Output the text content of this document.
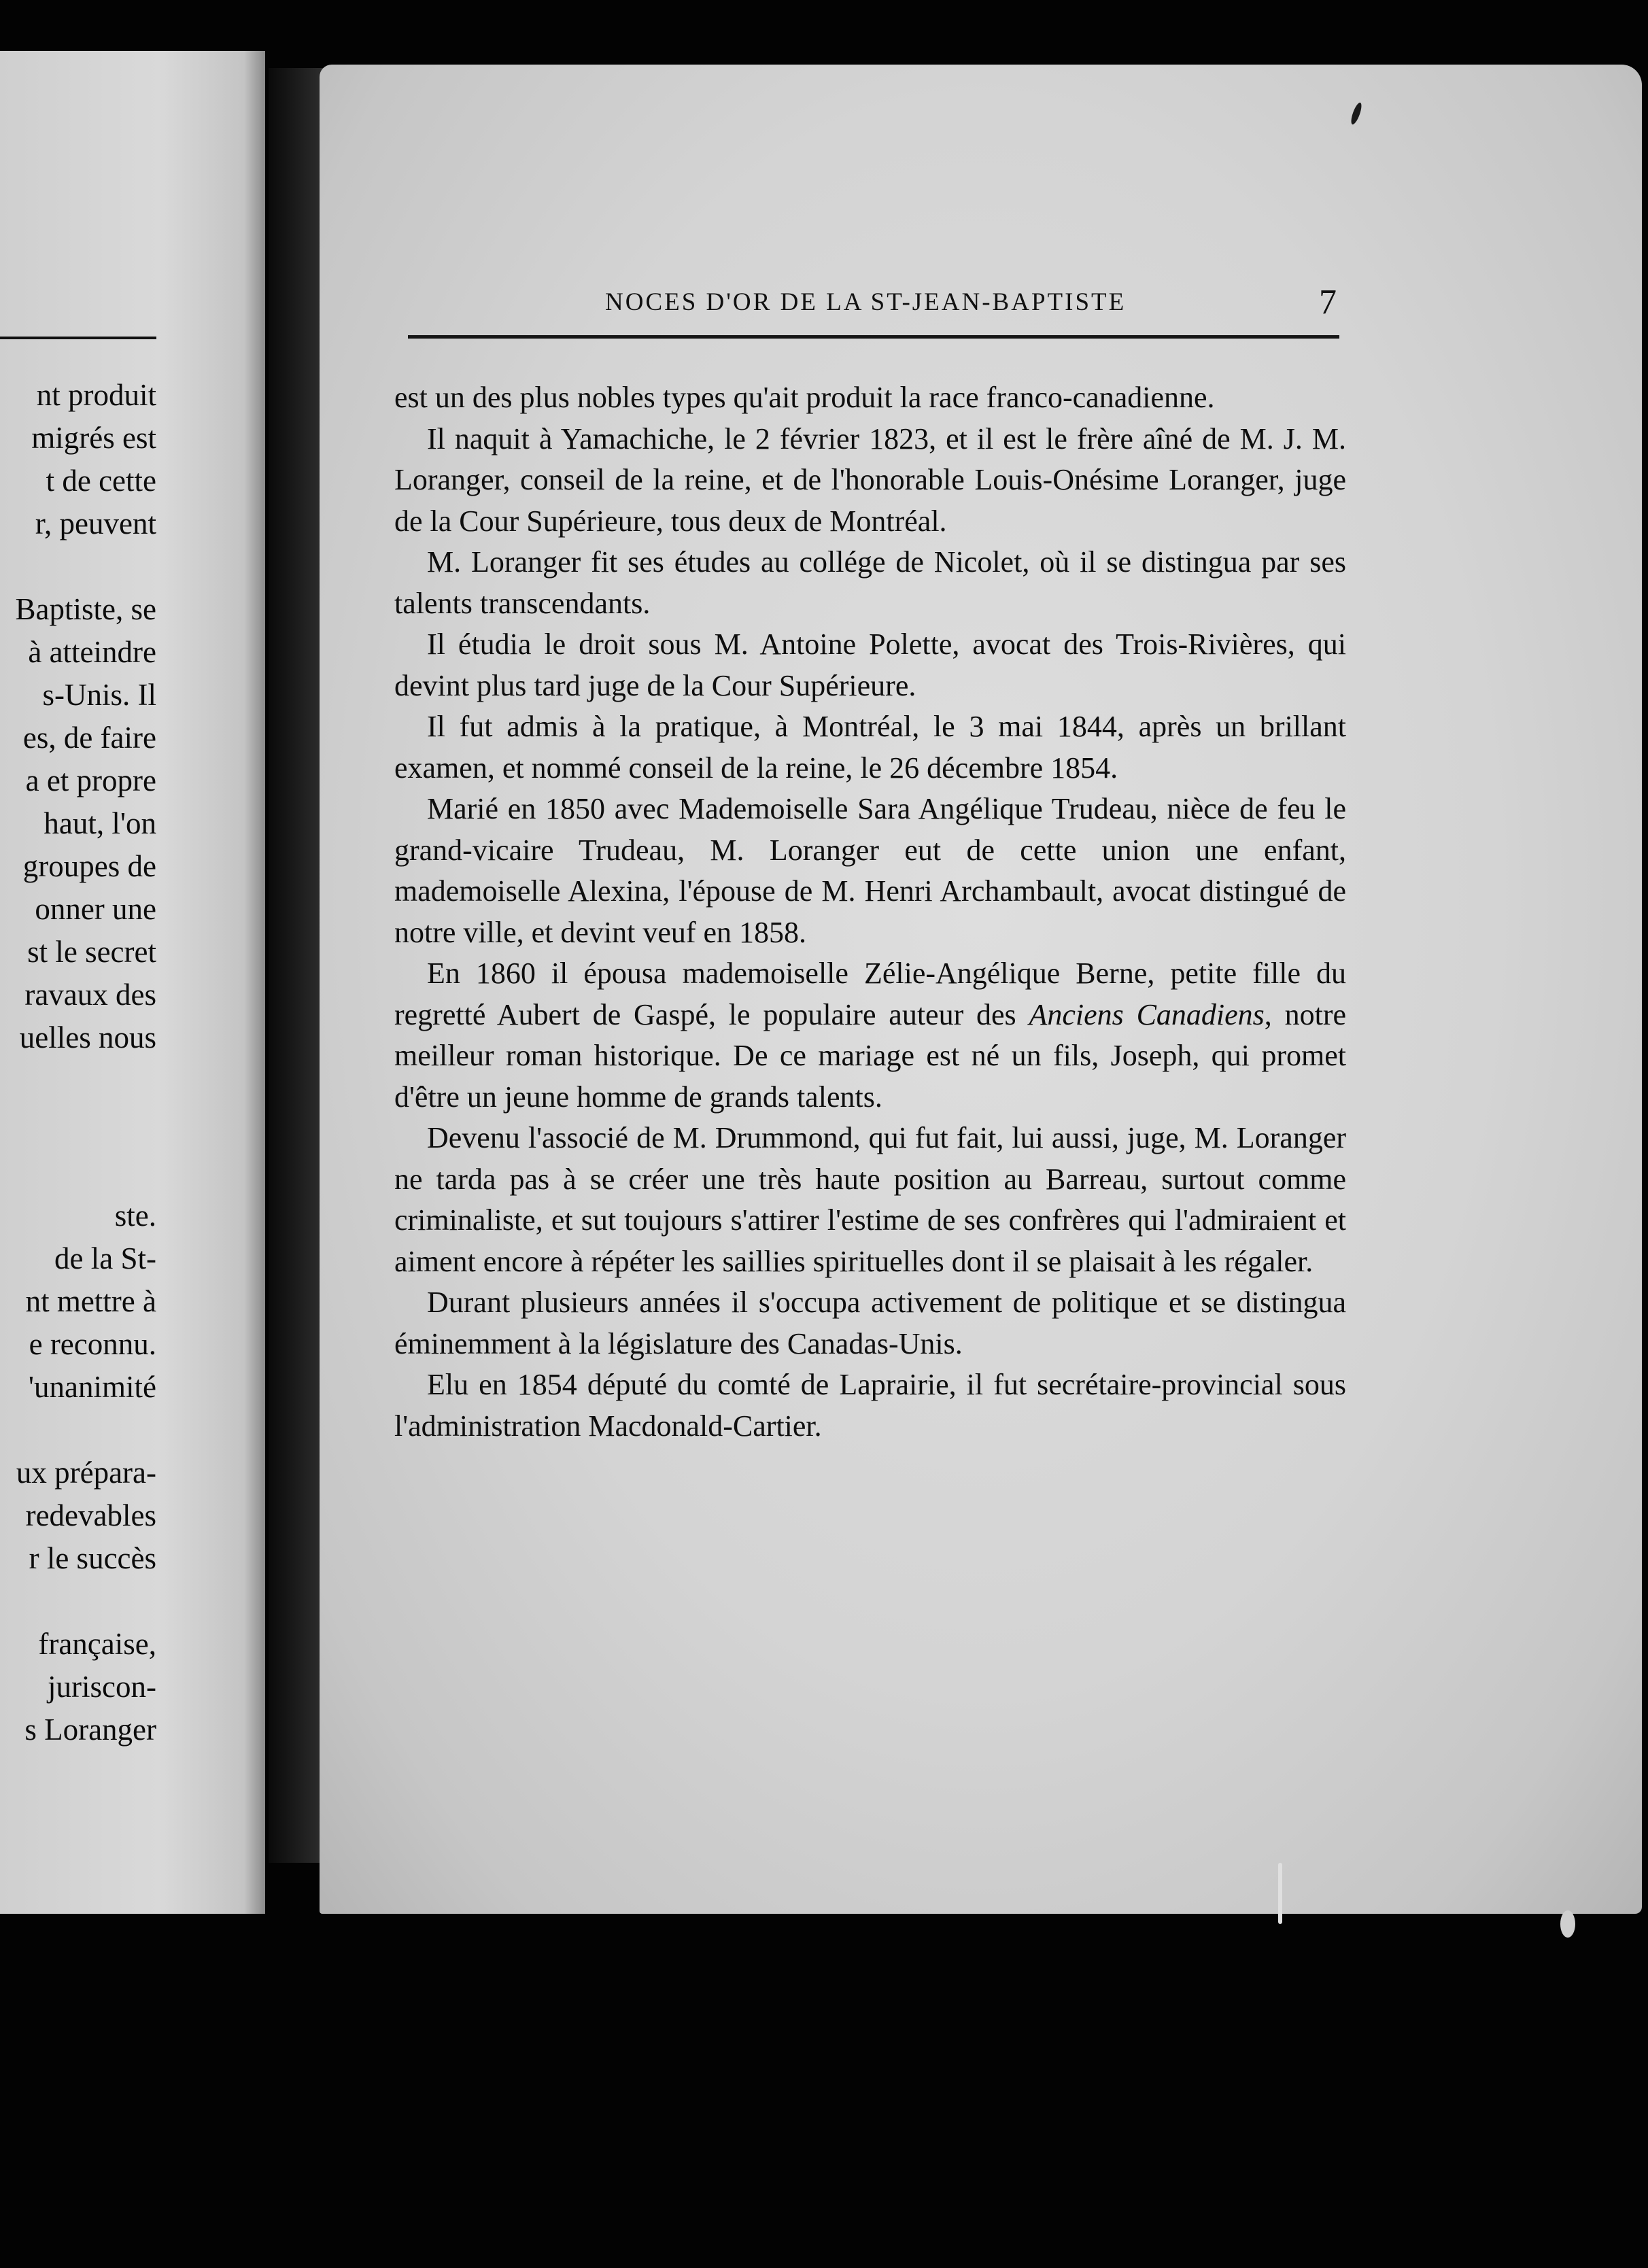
nt produit
migrés est
t de cette
r, peuvent
Baptiste, se
à atteindre
s-Unis. Il
es, de faire
a et propre
haut, l'on
groupes de
onner une
st le secret
ravaux des
uelles nous
ste.
de la St-
nt mettre à
e reconnu.
'unanimité
ux prépara-
redevables
r le succès
française,
juriscon-
s Loranger
NOCES D'OR DE LA ST-JEAN-BAPTISTE	7

est un des plus nobles types qu'ait produit la race franco-canadienne.

Il naquit à Yamachiche, le 2 février 1823, et il est le frère aîné de M. J. M. Loranger, conseil de la reine, et de l'honorable Louis-Onésime Loranger, juge de la Cour Supérieure, tous deux de Montréal.

M. Loranger fit ses études au collége de Nicolet, où il se distingua par ses talents transcendants.

Il étudia le droit sous M. Antoine Polette, avocat des Trois-Rivières, qui devint plus tard juge de la Cour Supérieure.

Il fut admis à la pratique, à Montréal, le 3 mai 1844, après un brillant examen, et nommé conseil de la reine, le 26 décembre 1854.

Marié en 1850 avec Mademoiselle Sara Angélique Trudeau, nièce de feu le grand-vicaire Trudeau, M. Loranger eut de cette union une enfant, mademoiselle Alexina, l'épouse de M. Henri Archambault, avocat distingué de notre ville, et devint veuf en 1858.

En 1860 il épousa mademoiselle Zélie-Angélique Berne, petite fille du regretté Aubert de Gaspé, le populaire auteur des Anciens Canadiens, notre meilleur roman historique. De ce mariage est né un fils, Joseph, qui promet d'être un jeune homme de grands talents.

Devenu l'associé de M. Drummond, qui fut fait, lui aussi, juge, M. Loranger ne tarda pas à se créer une très haute position au Barreau, surtout comme criminaliste, et sut toujours s'attirer l'estime de ses confrères qui l'admiraient et aiment encore à répéter les saillies spirituelles dont il se plaisait à les régaler.

Durant plusieurs années il s'occupa activement de politique et se distingua éminemment à la législature des Canadas-Unis.

Elu en 1854 député du comté de Laprairie, il fut secrétaire-provincial sous l'administration Macdonald-Cartier.
